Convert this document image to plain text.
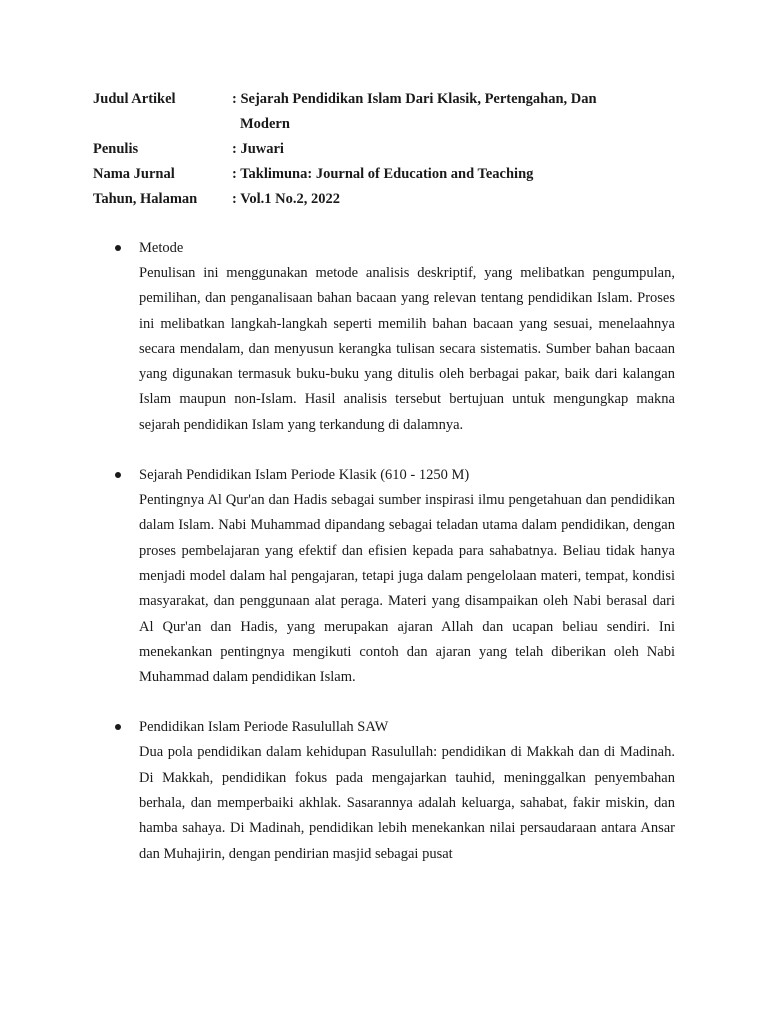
Judul Artikel	: Sejarah Pendidikan Islam Dari Klasik, Pertengahan, Dan
Modern
Penulis	: Juwari
Nama Jurnal	: Taklimuna: Journal of Education and Teaching
Tahun, Halaman	: Vol.1 No.2, 2022
Metode
Penulisan ini menggunakan metode analisis deskriptif, yang melibatkan pengumpulan, pemilihan, dan penganalisaan bahan bacaan yang relevan tentang pendidikan Islam. Proses ini melibatkan langkah-langkah seperti memilih bahan bacaan yang sesuai, menelaahnya secara mendalam, dan menyusun kerangka tulisan secara sistematis. Sumber bahan bacaan yang digunakan termasuk buku-buku yang ditulis oleh berbagai pakar, baik dari kalangan Islam maupun non-Islam. Hasil analisis tersebut bertujuan untuk mengungkap makna sejarah pendidikan Islam yang terkandung di dalamnya.
Sejarah Pendidikan Islam Periode Klasik (610 - 1250 M)
Pentingnya Al Qur'an dan Hadis sebagai sumber inspirasi ilmu pengetahuan dan pendidikan dalam Islam. Nabi Muhammad dipandang sebagai teladan utama dalam pendidikan, dengan proses pembelajaran yang efektif dan efisien kepada para sahabatnya. Beliau tidak hanya menjadi model dalam hal pengajaran, tetapi juga dalam pengelolaan materi, tempat, kondisi masyarakat, dan penggunaan alat peraga. Materi yang disampaikan oleh Nabi berasal dari Al Qur'an dan Hadis, yang merupakan ajaran Allah dan ucapan beliau sendiri. Ini menekankan pentingnya mengikuti contoh dan ajaran yang telah diberikan oleh Nabi Muhammad dalam pendidikan Islam.
Pendidikan Islam Periode Rasulullah SAW
Dua pola pendidikan dalam kehidupan Rasulullah: pendidikan di Makkah dan di Madinah. Di Makkah, pendidikan fokus pada mengajarkan tauhid, meninggalkan penyembahan berhala, dan memperbaiki akhlak. Sasarannya adalah keluarga, sahabat, fakir miskin, dan hamba sahaya. Di Madinah, pendidikan lebih menekankan nilai persaudaraan antara Ansar dan Muhajirin, dengan pendirian masjid sebagai pusat
